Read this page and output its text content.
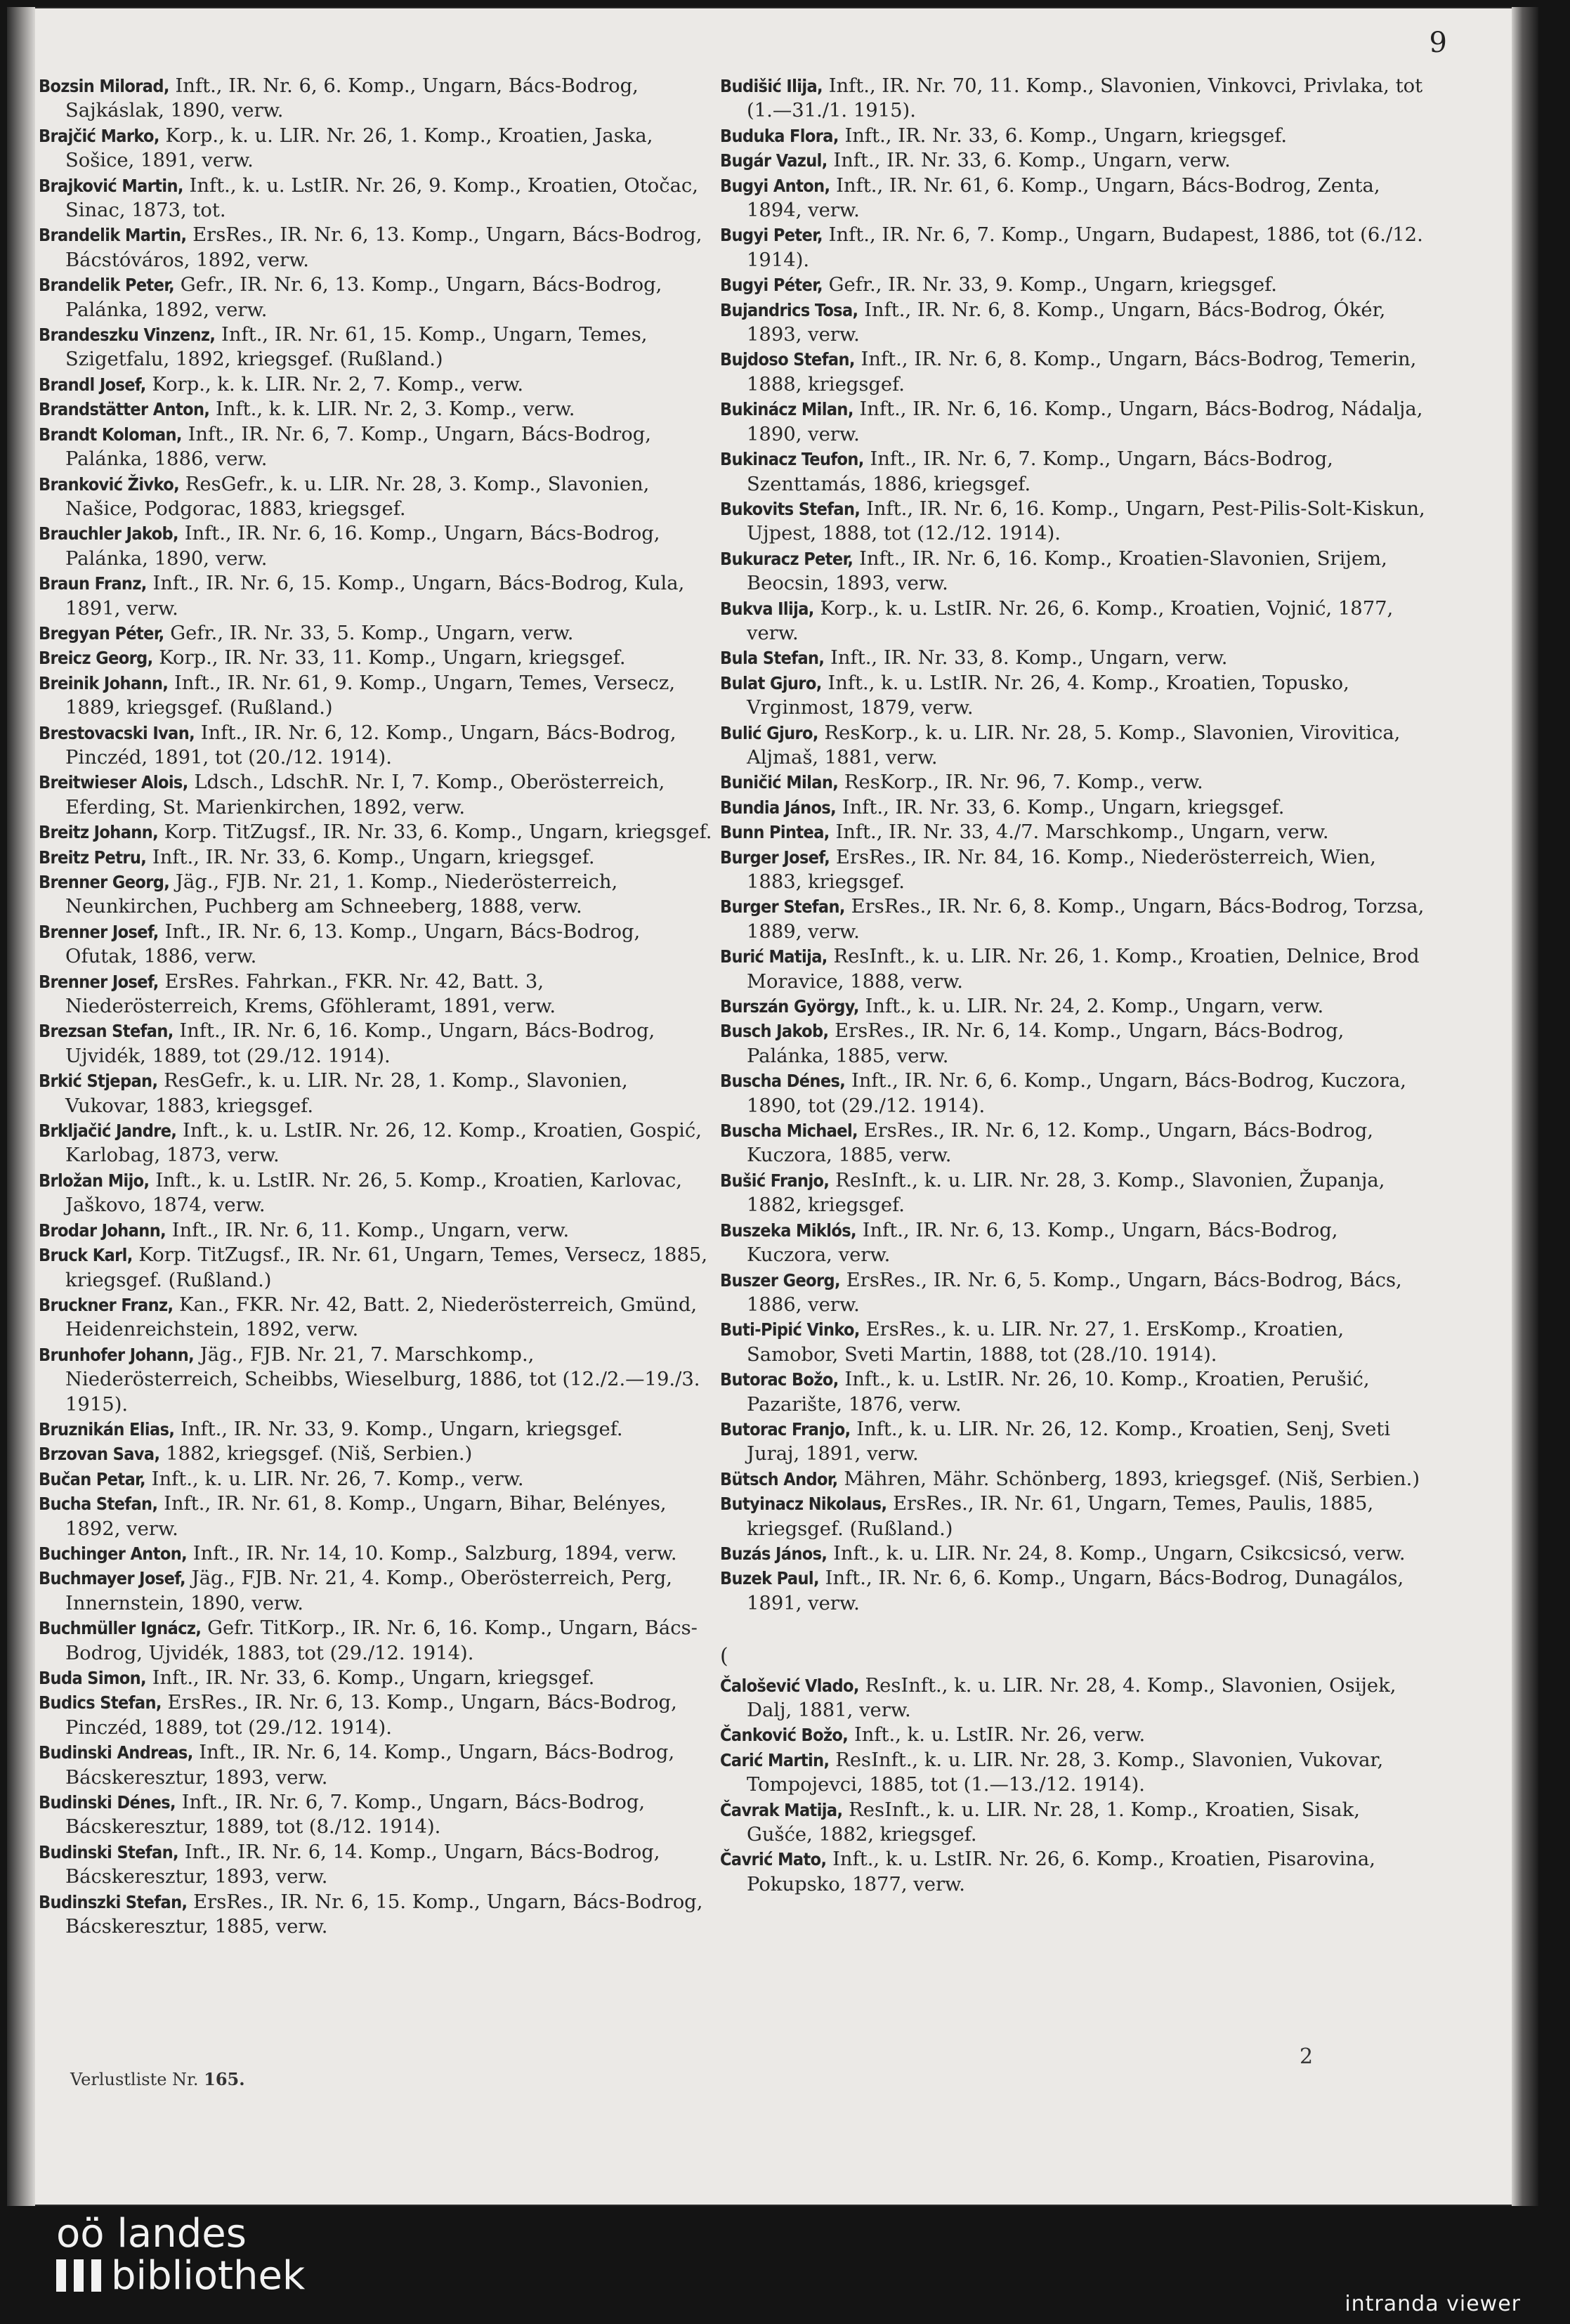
9
Bozsin Milorad, Inft., IR. Nr. 6, 6. Komp., Ungarn, Bács-Bodrog, Sajkáslak, 1890, verw.
Brajčić Marko, Korp., k. u. LIR. Nr. 26, 1. Komp., Kroatien, Jaska, Sošice, 1891, verw.
Brajković Martin, Inft., k. u. LstIR. Nr. 26, 9. Komp., Kroatien, Otočac, Sinac, 1873, tot.
Brandelik Martin, ErsRes., IR. Nr. 6, 13. Komp., Ungarn, Bács-Bodrog, Bácstóváros, 1892, verw.
Brandelik Peter, Gefr., IR. Nr. 6, 13. Komp., Ungarn, Bács-Bodrog, Palánka, 1892, verw.
Brandeszku Vinzenz, Inft., IR. Nr. 61, 15. Komp., Ungarn, Temes, Szigetfalu, 1892, kriegsgef. (Rußland.)
Brandl Josef, Korp., k. k. LIR. Nr. 2, 7. Komp., verw.
Brandstätter Anton, Inft., k. k. LIR. Nr. 2, 3. Komp., verw.
Brandt Koloman, Inft., IR. Nr. 6, 7. Komp., Ungarn, Bács-Bodrog, Palánka, 1886, verw.
Branković Živko, ResGefr., k. u. LIR. Nr. 28, 3. Komp., Slavonien, Našice, Podgorac, 1883, kriegsgef.
Brauchler Jakob, Inft., IR. Nr. 6, 16. Komp., Ungarn, Bács-Bodrog, Palánka, 1890, verw.
Braun Franz, Inft., IR. Nr. 6, 15. Komp., Ungarn, Bács-Bodrog, Kula, 1891, verw.
Bregyan Péter, Gefr., IR. Nr. 33, 5. Komp., Ungarn, verw.
Breicz Georg, Korp., IR. Nr. 33, 11. Komp., Ungarn, kriegsgef.
Breinik Johann, Inft., IR. Nr. 61, 9. Komp., Ungarn, Temes, Versecz, 1889, kriegsgef. (Rußland.)
Brestovacski Ivan, Inft., IR. Nr. 6, 12. Komp., Ungarn, Bács-Bodrog, Pinczéd, 1891, tot (20./12. 1914).
Breitwieser Alois, Ldsch., LdschR. Nr. I, 7. Komp., Oberösterreich, Eferding, St. Marienkirchen, 1892, verw.
Breitz Johann, Korp. TitZugsf., IR. Nr. 33, 6. Komp., Ungarn, kriegsgef.
Breitz Petru, Inft., IR. Nr. 33, 6. Komp., Ungarn, kriegsgef.
Brenner Georg, Jäg., FJB. Nr. 21, 1. Komp., Niederösterreich, Neunkirchen, Puchberg am Schneeberg, 1888, verw.
Brenner Josef, Inft., IR. Nr. 6, 13. Komp., Ungarn, Bács-Bodrog, Ofutak, 1886, verw.
Brenner Josef, ErsRes. Fahrkan., FKR. Nr. 42, Batt. 3, Niederösterreich, Krems, Gföhleramt, 1891, verw.
Brezsan Stefan, Inft., IR. Nr. 6, 16. Komp., Ungarn, Bács-Bodrog, Ujvidék, 1889, tot (29./12. 1914).
Brkić Stjepan, ResGefr., k. u. LIR. Nr. 28, 1. Komp., Slavonien, Vukovar, 1883, kriegsgef.
Brkljačić Jandre, Inft., k. u. LstIR. Nr. 26, 12. Komp., Kroatien, Gospić, Karlobag, 1873, verw.
Brložan Mijo, Inft., k. u. LstIR. Nr. 26, 5. Komp., Kroatien, Karlovac, Jaškovo, 1874, verw.
Brodar Johann, Inft., IR. Nr. 6, 11. Komp., Ungarn, verw.
Bruck Karl, Korp. TitZugsf., IR. Nr. 61, Ungarn, Temes, Versecz, 1885, kriegsgef. (Rußland.)
Bruckner Franz, Kan., FKR. Nr. 42, Batt. 2, Niederösterreich, Gmünd, Heidenreichstein, 1892, verw.
Brunhofer Johann, Jäg., FJB. Nr. 21, 7. Marschkomp., Niederösterreich, Scheibbs, Wieselburg, 1886, tot (12./2.—19./3. 1915).
Bruznikán Elias, Inft., IR. Nr. 33, 9. Komp., Ungarn, kriegsgef.
Brzovan Sava, 1882, kriegsgef. (Niš, Serbien.)
Bučan Petar, Inft., k. u. LIR. Nr. 26, 7. Komp., verw.
Bucha Stefan, Inft., IR. Nr. 61, 8. Komp., Ungarn, Bihar, Belényes, 1892, verw.
Buchinger Anton, Inft., IR. Nr. 14, 10. Komp., Salzburg, 1894, verw.
Buchmayer Josef, Jäg., FJB. Nr. 21, 4. Komp., Oberösterreich, Perg, Innernstein, 1890, verw.
Buchmüller Ignácz, Gefr. TitKorp., IR. Nr. 6, 16. Komp., Ungarn, Bács-Bodrog, Ujvidék, 1883, tot (29./12. 1914).
Buda Simon, Inft., IR. Nr. 33, 6. Komp., Ungarn, kriegsgef.
Budics Stefan, ErsRes., IR. Nr. 6, 13. Komp., Ungarn, Bács-Bodrog, Pinczéd, 1889, tot (29./12. 1914).
Budinski Andreas, Inft., IR. Nr. 6, 14. Komp., Ungarn, Bács-Bodrog, Bácskeresztur, 1893, verw.
Budinski Dénes, Inft., IR. Nr. 6, 7. Komp., Ungarn, Bács-Bodrog, Bácskeresztur, 1889, tot (8./12. 1914).
Budinski Stefan, Inft., IR. Nr. 6, 14. Komp., Ungarn, Bács-Bodrog, Bácskeresztur, 1893, verw.
Budinszki Stefan, ErsRes., IR. Nr. 6, 15. Komp., Ungarn, Bács-Bodrog, Bácskeresztur, 1885, verw.
Budišić Ilija, Inft., IR. Nr. 70, 11. Komp., Slavonien, Vinkovci, Privlaka, tot (1.—31./1. 1915).
Buduka Flora, Inft., IR. Nr. 33, 6. Komp., Ungarn, kriegsgef.
Bugár Vazul, Inft., IR. Nr. 33, 6. Komp., Ungarn, verw.
Bugyi Anton, Inft., IR. Nr. 61, 6. Komp., Ungarn, Bács-Bodrog, Zenta, 1894, verw.
Bugyi Peter, Inft., IR. Nr. 6, 7. Komp., Ungarn, Budapest, 1886, tot (6./12. 1914).
Bugyi Péter, Gefr., IR. Nr. 33, 9. Komp., Ungarn, kriegsgef.
Bujandrics Tosa, Inft., IR. Nr. 6, 8. Komp., Ungarn, Bács-Bodrog, Ókér, 1893, verw.
Bujdoso Stefan, Inft., IR. Nr. 6, 8. Komp., Ungarn, Bács-Bodrog, Temerin, 1888, kriegsgef.
Bukinácz Milan, Inft., IR. Nr. 6, 16. Komp., Ungarn, Bács-Bodrog, Nádalja, 1890, verw.
Bukinacz Teufon, Inft., IR. Nr. 6, 7. Komp., Ungarn, Bács-Bodrog, Szenttamás, 1886, kriegsgef.
Bukovits Stefan, Inft., IR. Nr. 6, 16. Komp., Ungarn, Pest-Pilis-Solt-Kiskun, Ujpest, 1888, tot (12./12. 1914).
Bukuracz Peter, Inft., IR. Nr. 6, 16. Komp., Kroatien-Slavonien, Srijem, Beocsin, 1893, verw.
Bukva Ilija, Korp., k. u. LstIR. Nr. 26, 6. Komp., Kroatien, Vojnić, 1877, verw.
Bula Stefan, Inft., IR. Nr. 33, 8. Komp., Ungarn, verw.
Bulat Gjuro, Inft., k. u. LstIR. Nr. 26, 4. Komp., Kroatien, Topusko, Vrginmost, 1879, verw.
Bulić Gjuro, ResKorp., k. u. LIR. Nr. 28, 5. Komp., Slavonien, Virovitica, Aljmaš, 1881, verw.
Buničić Milan, ResKorp., IR. Nr. 96, 7. Komp., verw.
Bundia János, Inft., IR. Nr. 33, 6. Komp., Ungarn, kriegsgef.
Bunn Pintea, Inft., IR. Nr. 33, 4./7. Marschkomp., Ungarn, verw.
Burger Josef, ErsRes., IR. Nr. 84, 16. Komp., Niederösterreich, Wien, 1883, kriegsgef.
Burger Stefan, ErsRes., IR. Nr. 6, 8. Komp., Ungarn, Bács-Bodrog, Torzsa, 1889, verw.
Burić Matija, ResInft., k. u. LIR. Nr. 26, 1. Komp., Kroatien, Delnice, Brod Moravice, 1888, verw.
Burszán György, Inft., k. u. LIR. Nr. 24, 2. Komp., Ungarn, verw.
Busch Jakob, ErsRes., IR. Nr. 6, 14. Komp., Ungarn, Bács-Bodrog, Palánka, 1885, verw.
Buscha Dénes, Inft., IR. Nr. 6, 6. Komp., Ungarn, Bács-Bodrog, Kuczora, 1890, tot (29./12. 1914).
Buscha Michael, ErsRes., IR. Nr. 6, 12. Komp., Ungarn, Bács-Bodrog, Kuczora, 1885, verw.
Bušić Franjo, ResInft., k. u. LIR. Nr. 28, 3. Komp., Slavonien, Županja, 1882, kriegsgef.
Buszeka Miklós, Inft., IR. Nr. 6, 13. Komp., Ungarn, Bács-Bodrog, Kuczora, verw.
Buszer Georg, ErsRes., IR. Nr. 6, 5. Komp., Ungarn, Bács-Bodrog, Bács, 1886, verw.
Buti-Pipić Vinko, ErsRes., k. u. LIR. Nr. 27, 1. ErsKomp., Kroatien, Samobor, Sveti Martin, 1888, tot (28./10. 1914).
Butorac Božo, Inft., k. u. LstIR. Nr. 26, 10. Komp., Kroatien, Perušić, Pazarište, 1876, verw.
Butorac Franjo, Inft., k. u. LIR. Nr. 26, 12. Komp., Kroatien, Senj, Sveti Juraj, 1891, verw.
Bütsch Andor, Mähren, Mähr. Schönberg, 1893, kriegsgef. (Niš, Serbien.)
Butyinacz Nikolaus, ErsRes., IR. Nr. 61, Ungarn, Temes, Paulis, 1885, kriegsgef. (Rußland.)
Buzás János, Inft., k. u. LIR. Nr. 24, 8. Komp., Ungarn, Csikcsicsó, verw.
Buzek Paul, Inft., IR. Nr. 6, 6. Komp., Ungarn, Bács-Bodrog, Dunagálos, 1891, verw.
(
Čalošević Vlado, ResInft., k. u. LIR. Nr. 28, 4. Komp., Slavonien, Osijek, Dalj, 1881, verw.
Čanković Božo, Inft., k. u. LstIR. Nr. 26, verw.
Carić Martin, ResInft., k. u. LIR. Nr. 28, 3. Komp., Slavonien, Vukovar, Tompojevci, 1885, tot (1.—13./12. 1914).
Čavrak Matija, ResInft., k. u. LIR. Nr. 28, 1. Komp., Kroatien, Sisak, Gušće, 1882, kriegsgef.
Čavrić Mato, Inft., k. u. LstIR. Nr. 26, 6. Komp., Kroatien, Pisarovina, Pokupsko, 1877, verw.
Verlustliste Nr. 165.
2
oö landes
bibliothek
intranda viewer
